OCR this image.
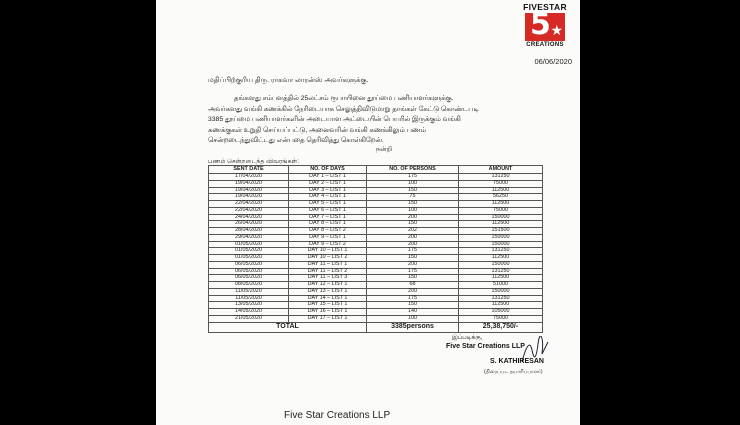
FIVESTAR
5 ★
CREATIONS
06/06/2020
மதிப்பிற்குரிய திரு. ராகவா லாரன்ஸ் அவர்களுக்கு.

தங்களது சம்பளத்தில் 25லட்சம் ரூபாயினை தூய்மை பணியாளர்களுக்கு.

அவர்களது வங்கி கணக்கில் நேரிடையாக செலுத்திவிடுமாறு தாங்கள் கேட்டு கொண்டபடி

3385 தூய்மை பணியாளர்களின் அடையாள அட்டையின் பெயரில் இருக்கும் வங்கி

கணக்குகள் உறுதி செய்யப்பட்டு, அனைவரின் வங்கி கணக்கிலும் பணம்

சென்றடைந்துவிட்டது என்பதை தெரிவித்து கொள்கிறேன்.

நன்றி
பணம் சென்றடைந்த விவரங்கள்:
SENT DATE	NO. OF DAYS	NO. OF PERSONS	AMOUNT
17/04/2020	DAY 1 – LIST 1	175	131250
19/04/2020	DAY 2 – LIST 1	100	75000
19/04/2020	DAY 3 – LIST 1	150	112500
19/04/2020	DAY 4 – LIST 1	75	56250
22/04/2020	DAY 5 – LIST 1	150	112500
22/04/2020	DAY 6 – LIST 1	100	75000
24/04/2020	DAY 7 – LIST 1	200	150000
26/04/2020	DAY 8 – LIST 1	150	112500
28/04/2020	DAY 8 – LIST 2	202	151500
29/04/2020	DAY 9 – LIST 1	200	150000
01/05/2020	DAY 9 – LIST 2	200	150000
01/05/2020	DAY 10 – LIST 1	175	131250
01/05/2020	DAY 10 – LIST 2	150	112500
06/05/2020	DAY 11 – LIST 1	200	150000
06/05/2020	DAY 11 – LIST 2	175	131250
06/05/2020	DAY 11 – LIST 3	150	112500
08/05/2020	DAY 12 – LIST 1	68	51000
11/05/2020	DAY 13 – LIST 1	200	150000
11/05/2020	DAY 14 – LIST 1	175	131250
13/05/2020	DAY 15 – LIST 1	150	112500
14/05/2020	DAY 16 – LIST 1	140	105000
21/05/2020	DAY 17 – LIST 1	100	75000
TOTAL		3385persons	25,38,750/-
இப்படிக்கு,
Five Star Creations LLP
S. KATHIRESAN
(திரைப்பட தயாரிப்பாளர்)
Five Star Creations LLP
